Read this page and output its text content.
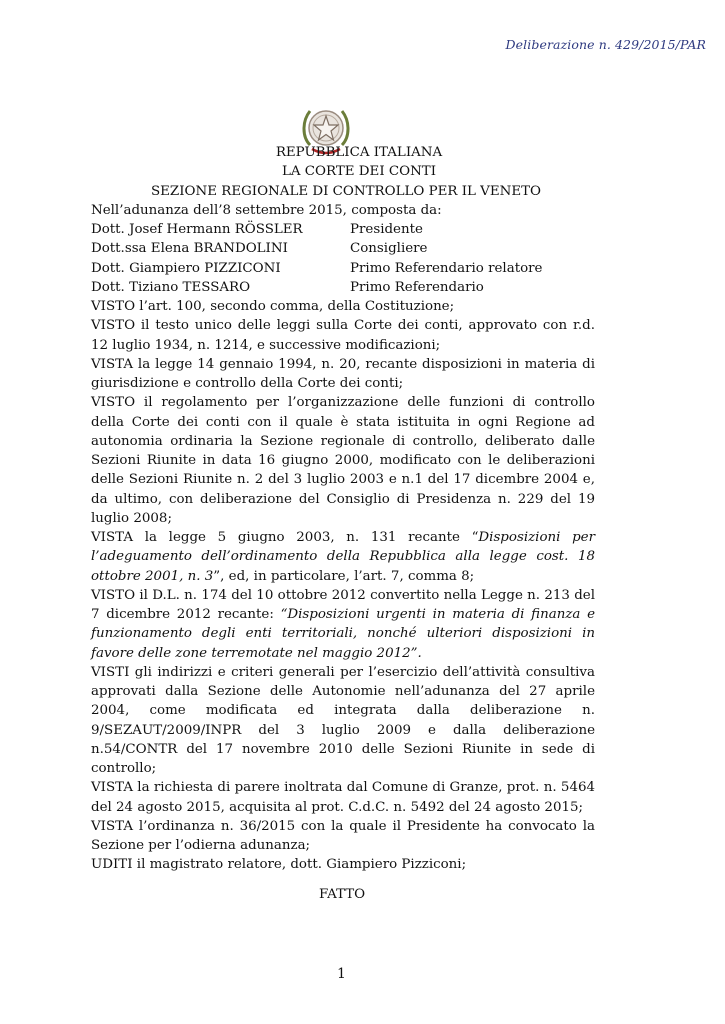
Deliberazione n. 429/2015/PAR

REPUBBLICA ITALIANA

LA CORTE DEI CONTI

SEZIONE REGIONALE DI CONTROLLO PER IL VENETO

Nell’adunanza dell’8 settembre 2015, composta da:

Dott. Josef Hermann RÖSSLER	Presidente
Dott.ssa Elena BRANDOLINI	Consigliere
Dott. Giampiero PIZZICONI	Primo Referendario relatore
Dott. Tiziano TESSARO	Primo Referendario

VISTO l’art. 100, secondo comma, della Costituzione;

VISTO il testo unico delle leggi sulla Corte dei conti, approvato con r.d. 12 luglio 1934, n. 1214, e successive modificazioni;

VISTA la legge 14 gennaio 1994, n. 20, recante disposizioni in materia di giurisdizione e controllo della Corte dei conti;

VISTO il regolamento per l’organizzazione delle funzioni di controllo della Corte dei conti con il quale è stata istituita in ogni Regione ad autonomia ordinaria la Sezione regionale di controllo, deliberato dalle Sezioni Riunite in data 16 giugno 2000, modificato con le deliberazioni delle Sezioni Riunite n. 2 del 3 luglio 2003 e n.1 del 17 dicembre 2004 e, da ultimo, con deliberazione del Consiglio di Presidenza n. 229 del 19 luglio 2008;

VISTA la legge 5 giugno 2003, n. 131 recante “Disposizioni per l’adeguamento dell’ordinamento della Repubblica alla legge cost. 18 ottobre 2001, n. 3”, ed, in particolare, l’art. 7, comma 8;

VISTO il D.L. n. 174 del 10 ottobre 2012 convertito nella Legge n. 213 del 7 dicembre 2012 recante: “Disposizioni urgenti in materia di finanza e funzionamento degli enti territoriali, nonché ulteriori disposizioni in favore delle zone terremotate nel maggio 2012”.

VISTI gli indirizzi e criteri generali per l’esercizio dell’attività consultiva approvati dalla Sezione delle Autonomie nell’adunanza del 27 aprile 2004, come modificata ed integrata dalla deliberazione n. 9/SEZAUT/2009/INPR del 3 luglio 2009 e dalla deliberazione n.54/CONTR del 17 novembre 2010 delle Sezioni Riunite in sede di controllo;

VISTA la richiesta di parere inoltrata dal Comune di Granze, prot. n. 5464 del 24 agosto 2015, acquisita al prot. C.d.C. n. 5492 del 24 agosto 2015;

VISTA l’ordinanza n. 36/2015 con la quale il Presidente ha convocato la Sezione per l’odierna adunanza;

UDITI il magistrato relatore, dott. Giampiero Pizziconi;

FATTO
1
